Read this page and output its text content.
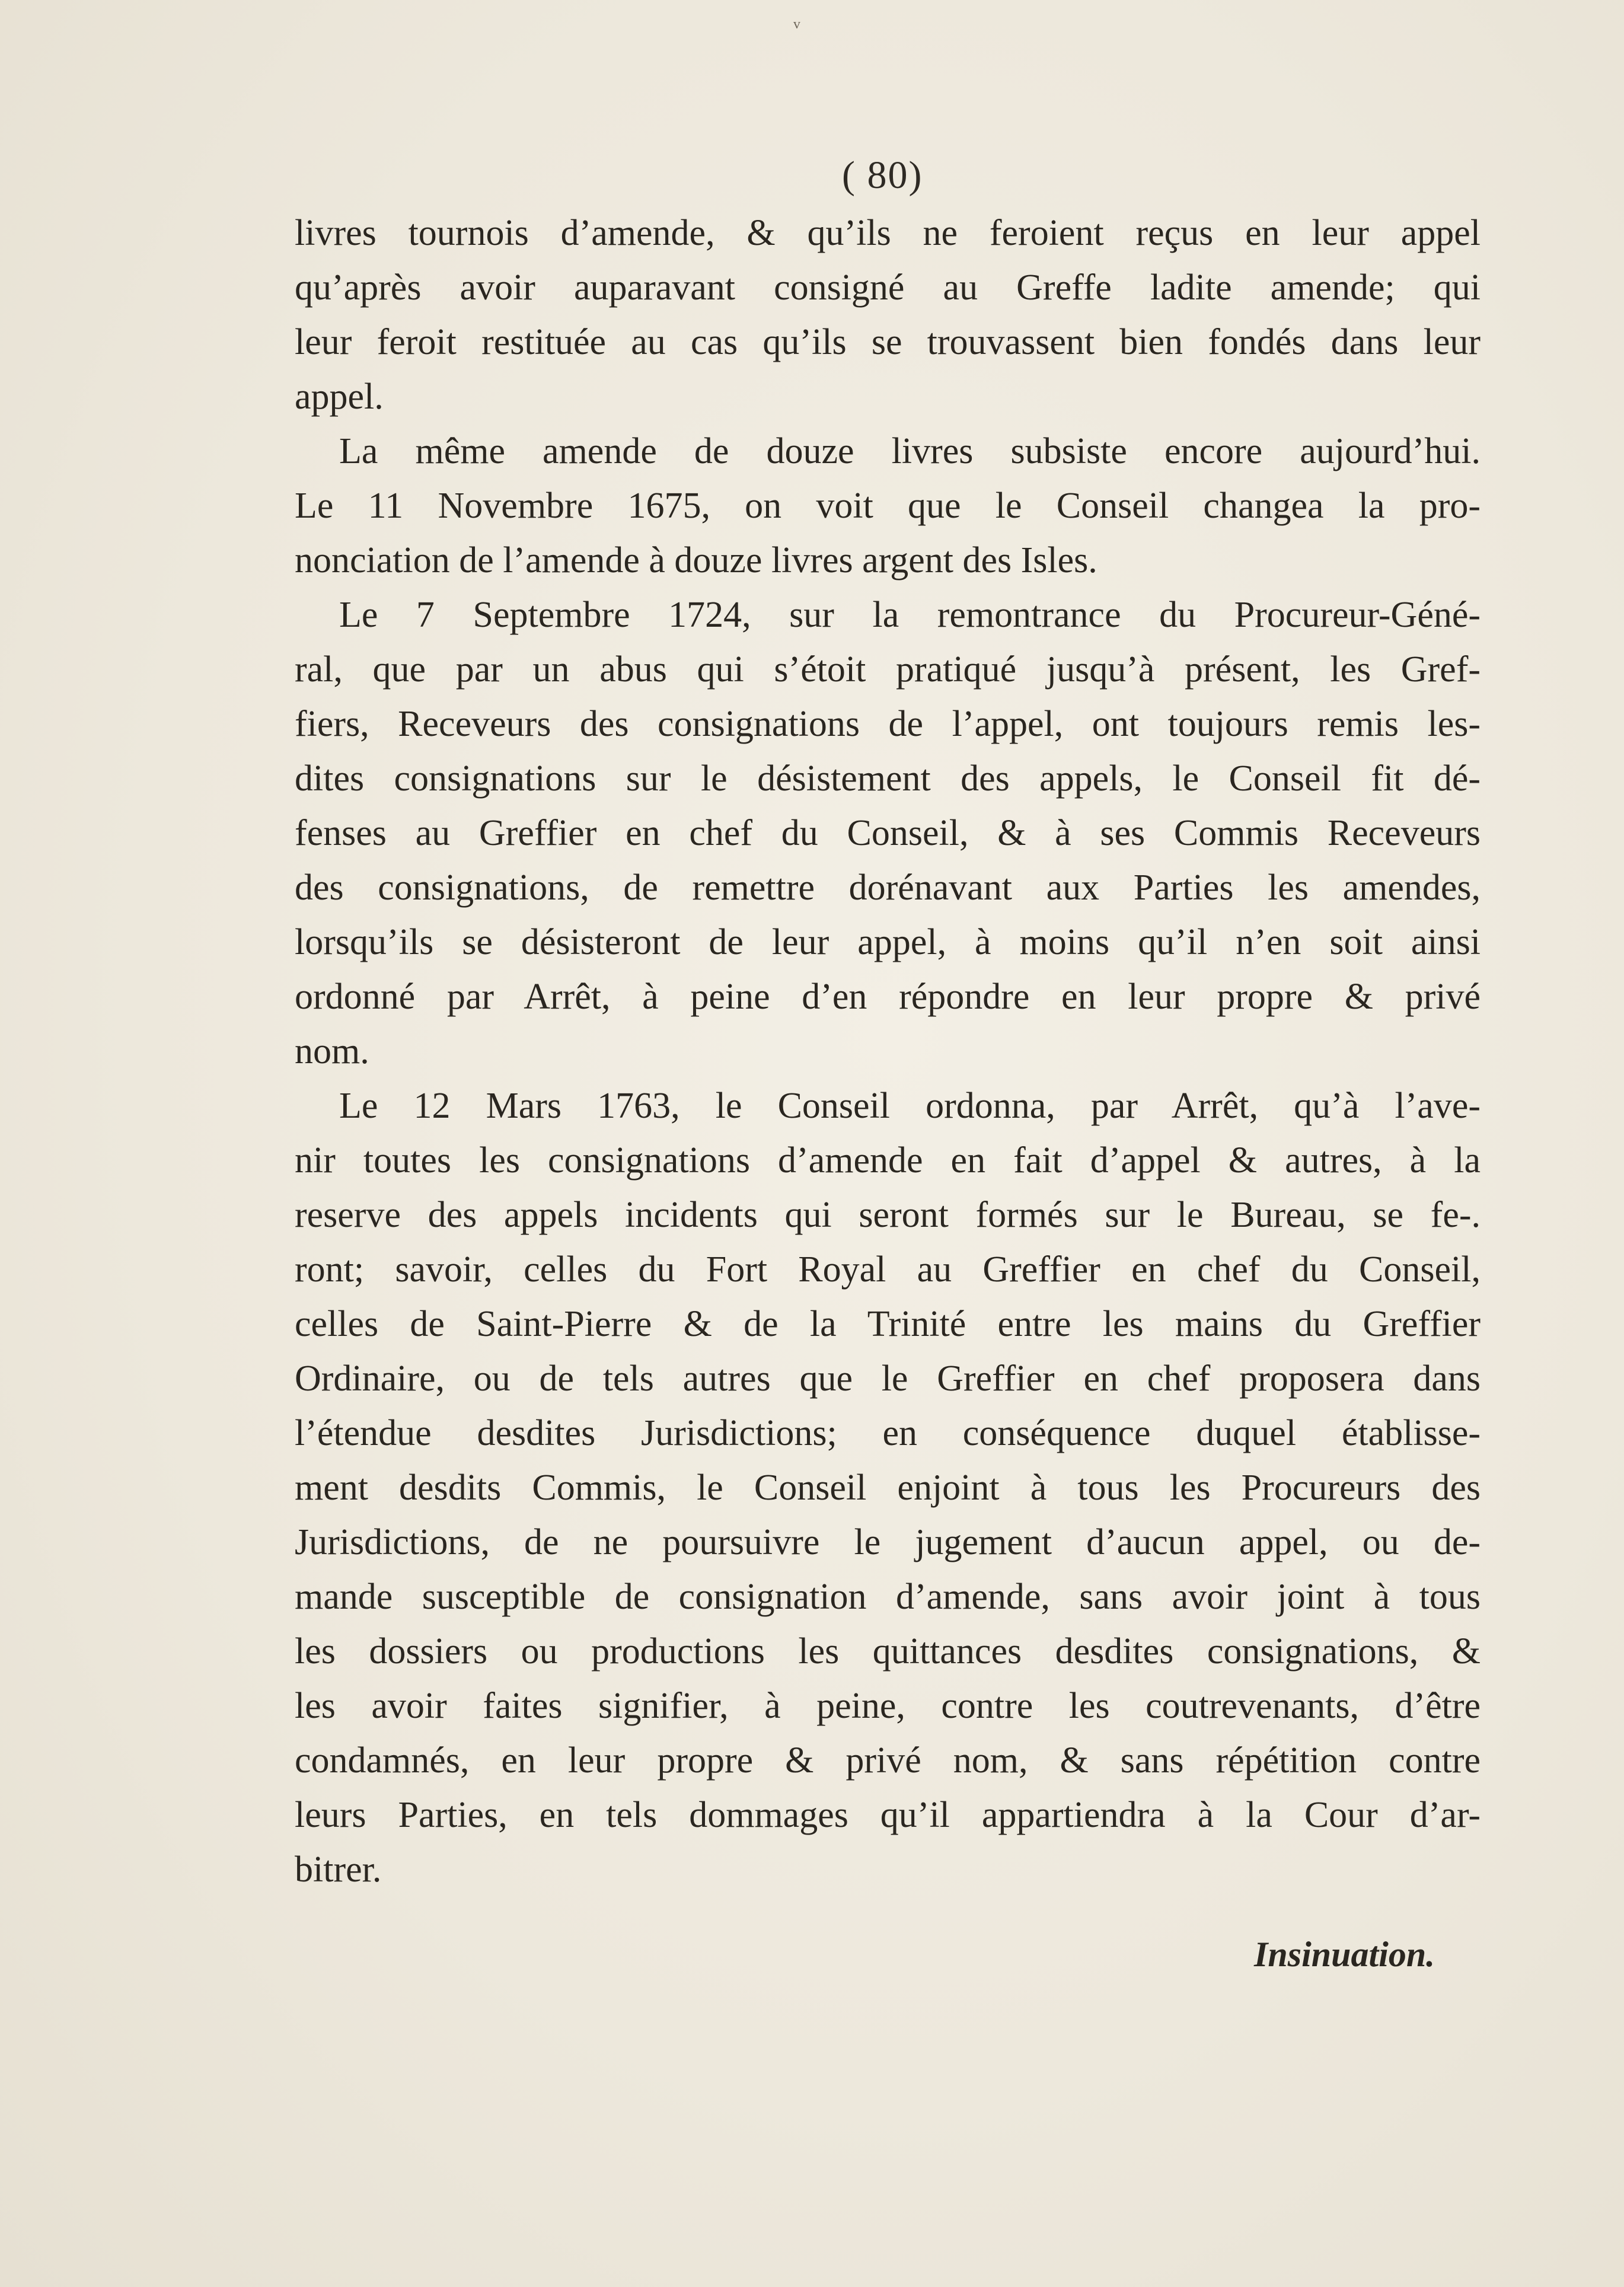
ᵛ
( 80)
livres tournois d’amende, & qu’ils ne feroient reçus en leur appel
qu’après avoir auparavant consigné au Greffe ladite amende; qui
leur feroit restituée au cas qu’ils se trouvassent bien fondés dans leur
appel.
La même amende de douze livres subsiste encore aujourd’hui.
Le 11 Novembre 1675, on voit que le Conseil changea la pro-
nonciation de l’amende à douze livres argent des Isles.
Le 7 Septembre 1724, sur la remontrance du Procureur-Géné-
ral, que par un abus qui s’étoit pratiqué jusqu’à présent, les Gref-
fiers, Receveurs des consignations de l’appel, ont toujours remis les-
dites consignations sur le désistement des appels, le Conseil fit dé-
fenses au Greffier en chef du Conseil, & à ses Commis Receveurs
des consignations, de remettre dorénavant aux Parties les amendes,
lorsqu’ils se désisteront de leur appel, à moins qu’il n’en soit ainsi
ordonné par Arrêt, à peine d’en répondre en leur propre & privé
nom.
Le 12 Mars 1763, le Conseil ordonna, par Arrêt, qu’à l’ave-
nir toutes les consignations d’amende en fait d’appel & autres, à la
reserve des appels incidents qui seront formés sur le Bureau, se fe-.
ront; savoir, celles du Fort Royal au Greffier en chef du Conseil,
celles de Saint-Pierre & de la Trinité entre les mains du Greffier
Ordinaire, ou de tels autres que le Greffier en chef proposera dans
l’étendue desdites Jurisdictions; en conséquence duquel établisse-
ment desdits Commis, le Conseil enjoint à tous les Procureurs des
Jurisdictions, de ne poursuivre le jugement d’aucun appel, ou de-
mande susceptible de consignation d’amende, sans avoir joint à tous
les dossiers ou productions les quittances desdites consignations, &
les avoir faites signifier, à peine, contre les coutrevenants, d’être
condamnés, en leur propre & privé nom, & sans répétition contre
leurs Parties, en tels dommages qu’il appartiendra à la Cour d’ar-
bitrer.
Insinuation.
